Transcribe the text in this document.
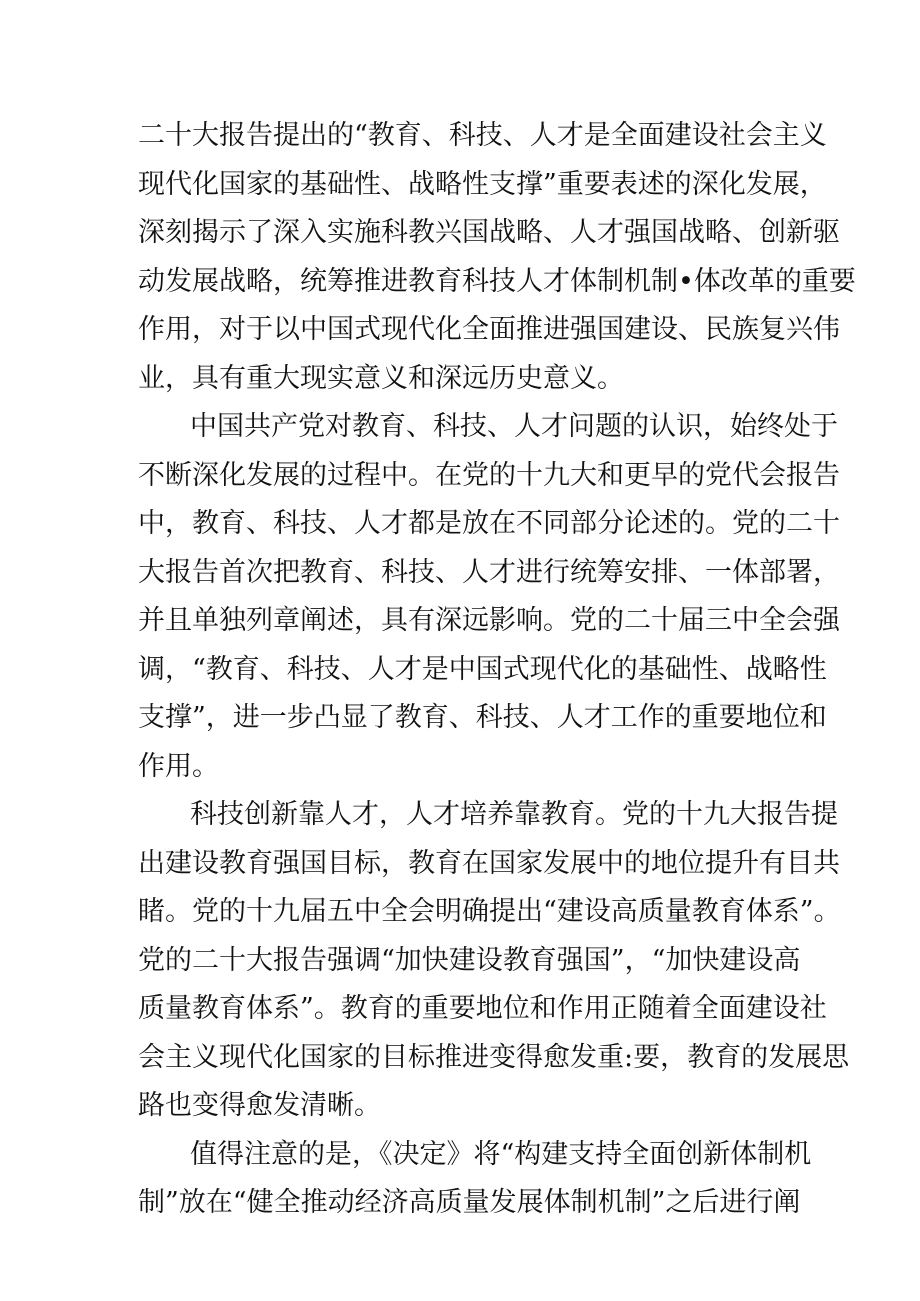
二十大报告提出的“教育、科技、人才是全面建设社会主义
现代化国家的基础性、战略性支撑”重要表述的深化发展，
深刻揭示了深入实施科教兴国战略、人才强国战略、创新驱
动发展战略，统筹推进教育科技人才体制机制•体改革的重要
作用，对于以中国式现代化全面推进强国建设、民族复兴伟
业，具有重大现实意义和深远历史意义。
中国共产党对教育、科技、人才问题的认识，始终处于
不断深化发展的过程中。在党的十九大和更早的党代会报告
中，教育、科技、人才都是放在不同部分论述的。党的二十
大报告首次把教育、科技、人才进行统筹安排、一体部署，
并且单独列章阐述，具有深远影响。党的二十届三中全会强
调，“教育、科技、人才是中国式现代化的基础性、战略性
支撑”，进一步凸显了教育、科技、人才工作的重要地位和
作用。
科技创新靠人才，人才培养靠教育。党的十九大报告提
出建设教育强国目标，教育在国家发展中的地位提升有目共
睹。党的十九届五中全会明确提出“建设高质量教育体系”。
党的二十大报告强调“加快建设教育强国”，“加快建设高
质量教育体系”。教育的重要地位和作用正随着全面建设社
会主义现代化国家的目标推进变得愈发重:要，教育的发展思
路也变得愈发清晰。
值得注意的是，《决定》将“构建支持全面创新体制机
制”放在“健全推动经济高质量发展体制机制”之后进行阐
